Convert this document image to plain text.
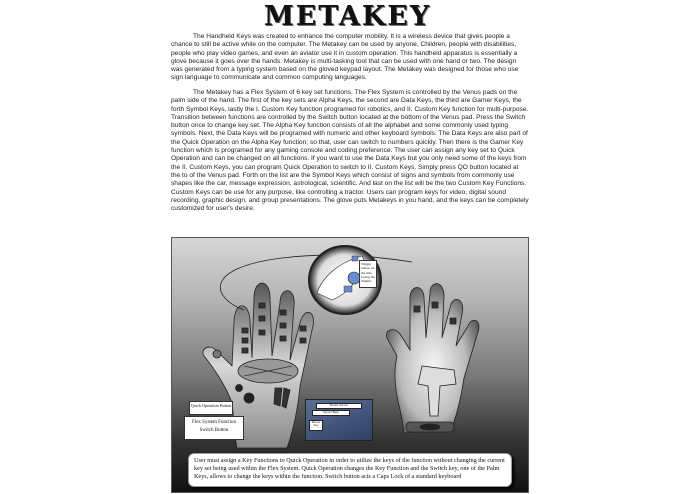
METAKEY
The Handheld Keys was created to enhance the computer mobility. It is a wireless device that gives people a chance to still be active while on the computer. The Metakey can be used by anyone, Children, people with disabilities, people who play video games, and even an aviator use it in custom operation. This handheld apparatus is essentially a glove because it goes over the hands. Metakey is multi-tasking tool that can be used with one hand or two. The design was generated from a typing system based on the gloved keypad layout. The Metakey was designed for those who use sign language to communicate and common computing languages.
The Metakey has a Flex System of 6 key set functions. The Flex System is controlled by the Venus pads on the palm side of the hand. The first of the key sets are Alpha Keys, the second are Data Keys, the third are Gamer Keys, the forth Symbol Keys, lastly the I. Custom Key function programed for robotics, and II. Custom Key function for multi-purpose. Transition between functions are controlled by the Switch button located at the bottom of the Venus pad. Press the Switch button once to change key set. The Alpha Key function consists of all the alphabet and some commonly used typing symbols. Next, the Data Keys will be programed with numeric and other keyboard symbols. The Data Keys are also part of the Quick Operation on the Alpha Key function; so that, user can switch to numbers quickly. Then there is the Gamer Key function which is programed for any gaming console and coding preference. The user can assign any key set to Quick Operation and can be changed on all functions. If you want to use the Data Keys but you only need some of the keys from the II. Custom Keys, you can program Quick Operation to switch to II. Custom Keys. Simply press QO button located at the to of the Venus pad. Forth on the list are the Symbol Keys which consist of signs and symbols from commonly use shapes like the car, message expression, astrological, scientific. And last on the list will be the two Custom Key Functions. Custom Keys can be use for any purpose, like controlling a tractor. Users can program keys for video, digital sound recording, graphic design, and group presentations. The glove puts Metakeys in you hand, and the keys can be completely customized for user's desire.
Trigger button on the side facing the thumbs
Quick Operation Button
Flex System Function Switch Button
Mouse Sensor
Sensor Base
Mouse Key
User must assign a Key Functions to Quick Operation in order to utilize the keys of the function without changing the current key set being used within the Flex System. Quick Operation changes the Key Function and the Switch key, one of the Palm Keys, allows to change the keys within the function. Switch button acts a Caps Lock of a standard keyboard
